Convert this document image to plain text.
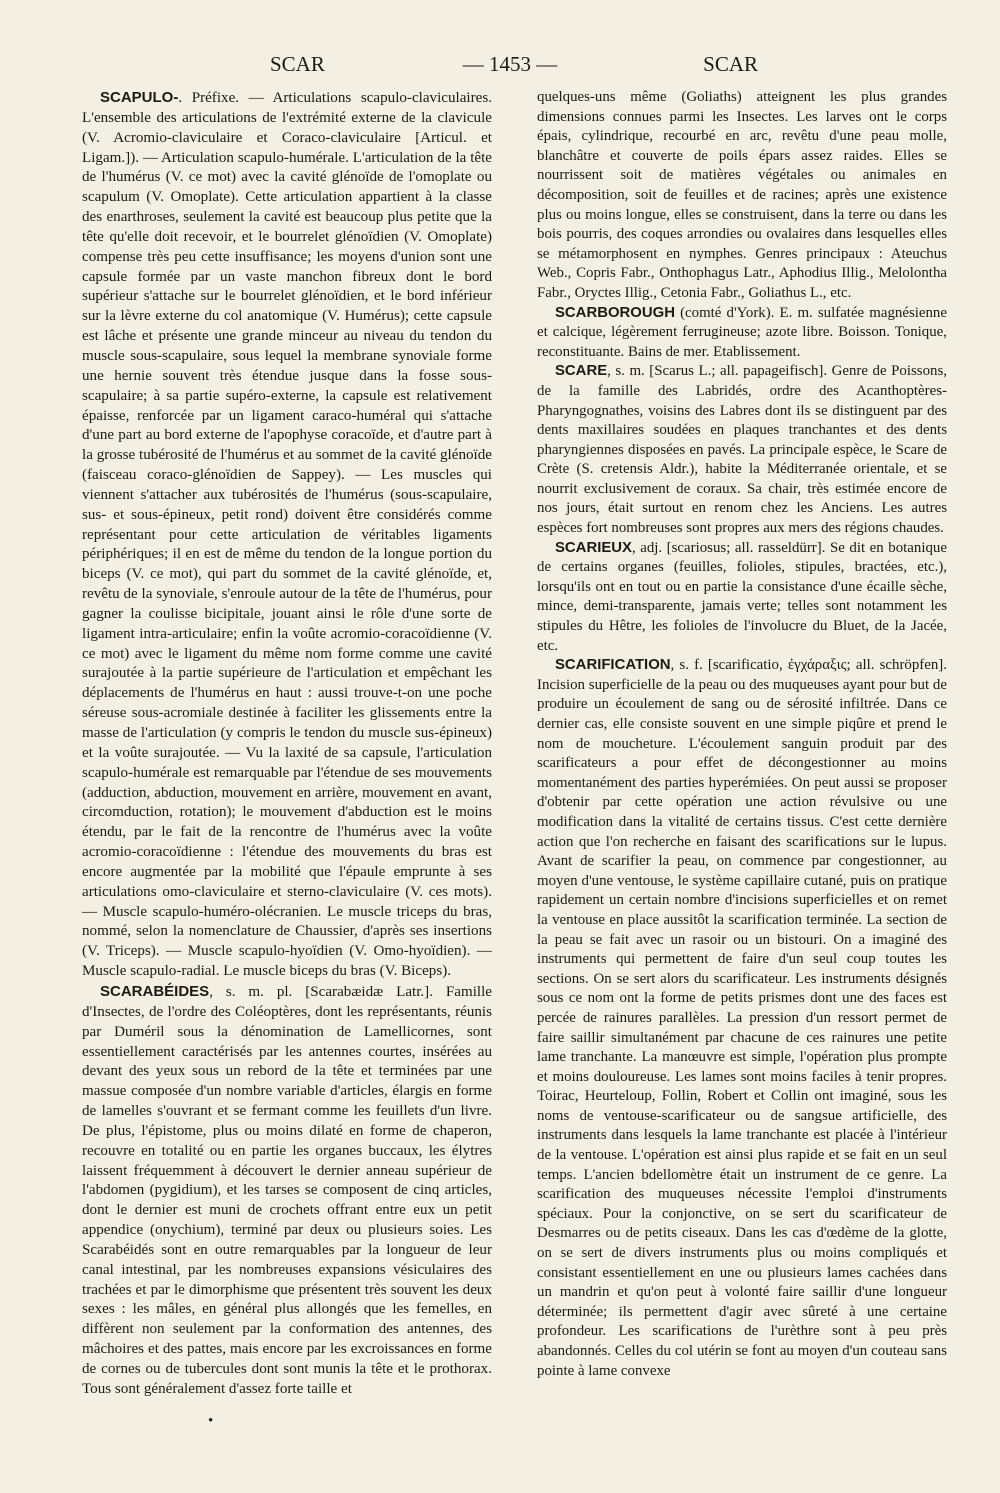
SCAR	— 1453 —	SCAR

SCAPULO-. Préfixe. — Articulations scapulo-claviculaires. L'ensemble des articulations de l'extrémité externe de la clavicule (V. Acromio-claviculaire et Coraco-claviculaire [Articul. et Ligam.]). — Articulation scapulo-humérale. L'articulation de la tête de l'humérus (V. ce mot) avec la cavité glénoïde de l'omoplate ou scapulum (V. Omoplate). Cette articulation appartient à la classe des enarthroses, seulement la cavité est beaucoup plus petite que la tête qu'elle doit recevoir, et le bourrelet glénoïdien (V. Omoplate) compense très peu cette insuffisance; les moyens d'union sont une capsule formée par un vaste manchon fibreux dont le bord supérieur s'attache sur le bourrelet glénoïdien, et le bord inférieur sur la lèvre externe du col anatomique (V. Humérus); cette capsule est lâche et présente une grande minceur au niveau du tendon du muscle sous-scapulaire, sous lequel la membrane synoviale forme une hernie souvent très étendue jusque dans la fosse sous-scapulaire; à sa partie supéro-externe, la capsule est relativement épaisse, renforcée par un ligament caraco-huméral qui s'attache d'une part au bord externe de l'apophyse coracoïde, et d'autre part à la grosse tubérosité de l'humérus et au sommet de la cavité glénoïde (faisceau coraco-glénoïdien de Sappey). — Les muscles qui viennent s'attacher aux tubérosités de l'humérus (sous-scapulaire, sus- et sous-épineux, petit rond) doivent être considérés comme représentant pour cette articulation de véritables ligaments périphériques; il en est de même du tendon de la longue portion du biceps (V. ce mot), qui part du sommet de la cavité glénoïde, et, revêtu de la synoviale, s'enroule autour de la tête de l'humérus, pour gagner la coulisse bicipitale, jouant ainsi le rôle d'une sorte de ligament intra-articulaire; enfin la voûte acromio-coracoïdienne (V. ce mot) avec le ligament du même nom forme comme une cavité surajoutée à la partie supérieure de l'articulation et empêchant les déplacements de l'humérus en haut : aussi trouve-t-on une poche séreuse sous-acromiale destinée à faciliter les glissements entre la masse de l'articulation (y compris le tendon du muscle sus-épineux) et la voûte surajoutée. — Vu la laxité de sa capsule, l'articulation scapulo-humérale est remarquable par l'étendue de ses mouvements (adduction, abduction, mouvement en arrière, mouvement en avant, circomduction, rotation); le mouvement d'abduction est le moins étendu, par le fait de la rencontre de l'humérus avec la voûte acromio-coracoïdienne : l'étendue des mouvements du bras est encore augmentée par la mobilité que l'épaule emprunte à ses articulations omo-claviculaire et sterno-claviculaire (V. ces mots). — Muscle scapulo-huméro-olécranien. Le muscle triceps du bras, nommé, selon la nomenclature de Chaussier, d'après ses insertions (V. Triceps). — Muscle scapulo-hyoïdien (V. Omo-hyoïdien). — Muscle scapulo-radial. Le muscle biceps du bras (V. Biceps).

SCARABÉIDES, s. m. pl. [Scarabæidæ Latr.]. Famille d'Insectes, de l'ordre des Coléoptères, dont les représentants, réunis par Duméril sous la dénomination de Lamellicornes, sont essentiellement caractérisés par les antennes courtes, insérées au devant des yeux sous un rebord de la tête et terminées par une massue composée d'un nombre variable d'articles, élargis en forme de lamelles s'ouvrant et se fermant comme les feuillets d'un livre. De plus, l'épistome, plus ou moins dilaté en forme de chaperon, recouvre en totalité ou en partie les organes buccaux, les élytres laissent fréquemment à découvert le dernier anneau supérieur de l'abdomen (pygidium), et les tarses se composent de cinq articles, dont le dernier est muni de crochets offrant entre eux un petit appendice (onychium), terminé par deux ou plusieurs soies. Les Scarabéidés sont en outre remarquables par la longueur de leur canal intestinal, par les nombreuses expansions vésiculaires des trachées et par le dimorphisme que présentent très souvent les deux sexes : les mâles, en général plus allongés que les femelles, en diffèrent non seulement par la conformation des antennes, des mâchoires et des pattes, mais encore par les excroissances en forme de cornes ou de tubercules dont sont munis la tête et le prothorax. Tous sont généralement d'assez forte taille et

quelques-uns même (Goliaths) atteignent les plus grandes dimensions connues parmi les Insectes. Les larves ont le corps épais, cylindrique, recourbé en arc, revêtu d'une peau molle, blanchâtre et couverte de poils épars assez raides. Elles se nourrissent soit de matières végétales ou animales en décomposition, soit de feuilles et de racines; après une existence plus ou moins longue, elles se construisent, dans la terre ou dans les bois pourris, des coques arrondies ou ovalaires dans lesquelles elles se métamorphosent en nymphes. Genres principaux : Ateuchus Web., Copris Fabr., Onthophagus Latr., Aphodius Illig., Melolontha Fabr., Oryctes Illig., Cetonia Fabr., Goliathus L., etc.

SCARBOROUGH (comté d'York). E. m. sulfatée magnésienne et calcique, légèrement ferrugineuse; azote libre. Boisson. Tonique, reconstituante. Bains de mer. Etablissement.

SCARE, s. m. [Scarus L.; all. papageifisch]. Genre de Poissons, de la famille des Labridés, ordre des Acanthoptères-Pharyngognathes, voisins des Labres dont ils se distinguent par des dents maxillaires soudées en plaques tranchantes et des dents pharyngiennes disposées en pavés. La principale espèce, le Scare de Crète (S. cretensis Aldr.), habite la Méditerranée orientale, et se nourrit exclusivement de coraux. Sa chair, très estimée encore de nos jours, était surtout en renom chez les Anciens. Les autres espèces fort nombreuses sont propres aux mers des régions chaudes.

SCARIEUX, adj. [scariosus; all. rasseldürr]. Se dit en botanique de certains organes (feuilles, folioles, stipules, bractées, etc.), lorsqu'ils ont en tout ou en partie la consistance d'une écaille sèche, mince, demi-transparente, jamais verte; telles sont notamment les stipules du Hêtre, les folioles de l'involucre du Bluet, de la Jacée, etc.

SCARIFICATION, s. f. [scarificatio, ἐγχάραξις; all. schröpfen]. Incision superficielle de la peau ou des muqueuses ayant pour but de produire un écoulement de sang ou de sérosité infiltrée. Dans ce dernier cas, elle consiste souvent en une simple piqûre et prend le nom de moucheture. L'écoulement sanguin produit par des scarificateurs a pour effet de décongestionner au moins momentanément des parties hyperémiées. On peut aussi se proposer d'obtenir par cette opération une action révulsive ou une modification dans la vitalité de certains tissus. C'est cette dernière action que l'on recherche en faisant des scarifications sur le lupus. Avant de scarifier la peau, on commence par congestionner, au moyen d'une ventouse, le système capillaire cutané, puis on pratique rapidement un certain nombre d'incisions superficielles et on remet la ventouse en place aussitôt la scarification terminée. La section de la peau se fait avec un rasoir ou un bistouri. On a imaginé des instruments qui permettent de faire d'un seul coup toutes les sections. On se sert alors du scarificateur. Les instruments désignés sous ce nom ont la forme de petits prismes dont une des faces est percée de rainures parallèles. La pression d'un ressort permet de faire saillir simultanément par chacune de ces rainures une petite lame tranchante. La manœuvre est simple, l'opération plus prompte et moins douloureuse. Les lames sont moins faciles à tenir propres. Toirac, Heurteloup, Follin, Robert et Collin ont imaginé, sous les noms de ventouse-scarificateur ou de sangsue artificielle, des instruments dans lesquels la lame tranchante est placée à l'intérieur de la ventouse. L'opération est ainsi plus rapide et se fait en un seul temps. L'ancien bdellomètre était un instrument de ce genre. La scarification des muqueuses nécessite l'emploi d'instruments spéciaux. Pour la conjonctive, on se sert du scarificateur de Desmarres ou de petits ciseaux. Dans les cas d'œdème de la glotte, on se sert de divers instruments plus ou moins compliqués et consistant essentiellement en une ou plusieurs lames cachées dans un mandrin et qu'on peut à volonté faire saillir d'une longueur déterminée; ils permettent d'agir avec sûreté à une certaine profondeur. Les scarifications de l'urèthre sont à peu près abandonnés. Celles du col utérin se font au moyen d'un couteau sans pointe à lame convexe

•
